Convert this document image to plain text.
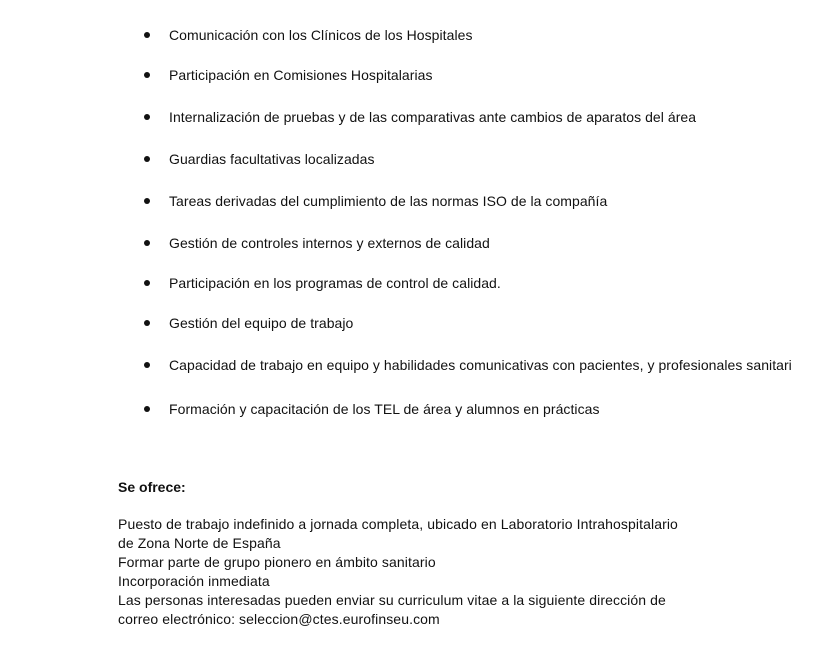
Comunicación con los Clínicos de los Hospitales
Participación en Comisiones Hospitalarias
Internalización de pruebas y de las comparativas ante cambios de aparatos del área
Guardias facultativas localizadas
Tareas derivadas del cumplimiento de las normas ISO de la compañía
Gestión de controles internos y externos de calidad
Participación en los programas de control de calidad.
Gestión del equipo de trabajo
Capacidad de trabajo en equipo y habilidades comunicativas con pacientes, y profesionales sanitari
Formación y capacitación de los TEL de área y alumnos en prácticas
Se ofrece:
Puesto de trabajo indefinido a jornada completa, ubicado en Laboratorio Intrahospitalario
de Zona Norte de España
Formar parte de grupo pionero en ámbito sanitario
Incorporación inmediata
Las personas interesadas pueden enviar su curriculum vitae a la siguiente dirección de
correo electrónico: seleccion@ctes.eurofinseu.com
